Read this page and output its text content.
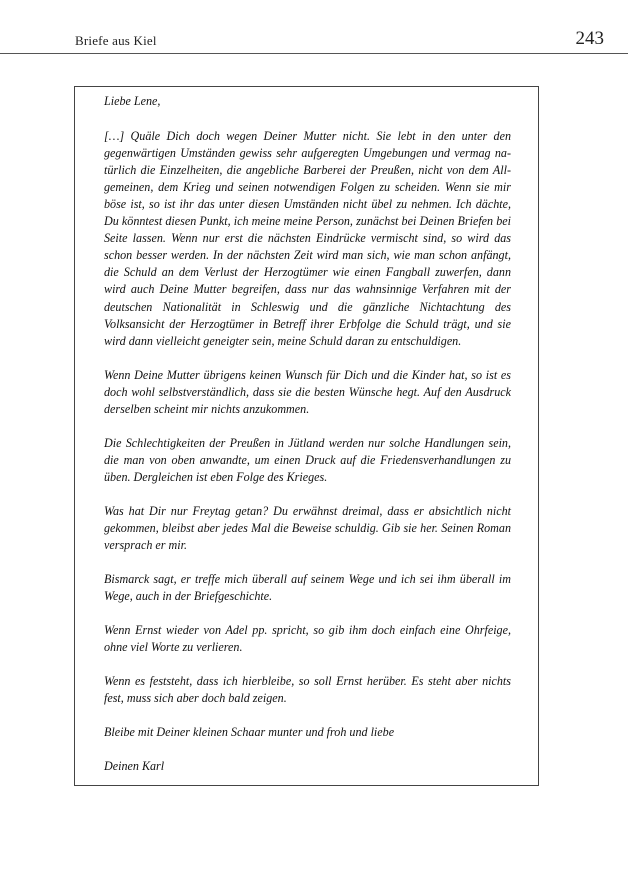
Briefe aus Kiel	243

Liebe Lene,

[…] Quäle Dich doch wegen Deiner Mutter nicht. Sie lebt in den unter den gegenwärtigen Umständen gewiss sehr aufgeregten Umgebungen und vermag natürlich die Einzelheiten, die angebliche Barberei der Preußen, nicht von dem Allgemeinen, dem Krieg und seinen notwendigen Folgen zu scheiden. Wenn sie mir böse ist, so ist ihr das unter diesen Umständen nicht übel zu nehmen. Ich dächte, Du könntest diesen Punkt, ich meine meine Person, zunächst bei Deinen Briefen bei Seite lassen. Wenn nur erst die nächsten Eindrücke vermischt sind, so wird das schon besser werden. In der nächsten Zeit wird man sich, wie man schon anfängt, die Schuld an dem Verlust der Herzogtümer wie einen Fangball zuwerfen, dann wird auch Deine Mutter begreifen, dass nur das wahnsinnige Verfahren mit der deutschen Nationalität in Schleswig und die gänzliche Nichtachtung des Volksansicht der Herzogtümer in Betreff ihrer Erbfolge die Schuld trägt, und sie wird dann vielleicht geneigter sein, meine Schuld daran zu entschuldigen.

Wenn Deine Mutter übrigens keinen Wunsch für Dich und die Kinder hat, so ist es doch wohl selbstverständlich, dass sie die besten Wünsche hegt. Auf den Ausdruck derselben scheint mir nichts anzukommen.

Die Schlechtigkeiten der Preußen in Jütland werden nur solche Handlungen sein, die man von oben anwandte, um einen Druck auf die Friedensverhandlungen zu üben. Dergleichen ist eben Folge des Krieges.

Was hat Dir nur Freytag getan? Du erwähnst dreimal, dass er absichtlich nicht gekommen, bleibst aber jedes Mal die Beweise schuldig. Gib sie her. Seinen Roman versprach er mir.

Bismarck sagt, er treffe mich überall auf seinem Wege und ich sei ihm überall im Wege, auch in der Briefgeschichte.

Wenn Ernst wieder von Adel pp. spricht, so gib ihm doch einfach eine Ohrfeige, ohne viel Worte zu verlieren.

Wenn es feststeht, dass ich hierbleibe, so soll Ernst herüber. Es steht aber nichts fest, muss sich aber doch bald zeigen.

Bleibe mit Deiner kleinen Schaar munter und froh und liebe

Deinen Karl
